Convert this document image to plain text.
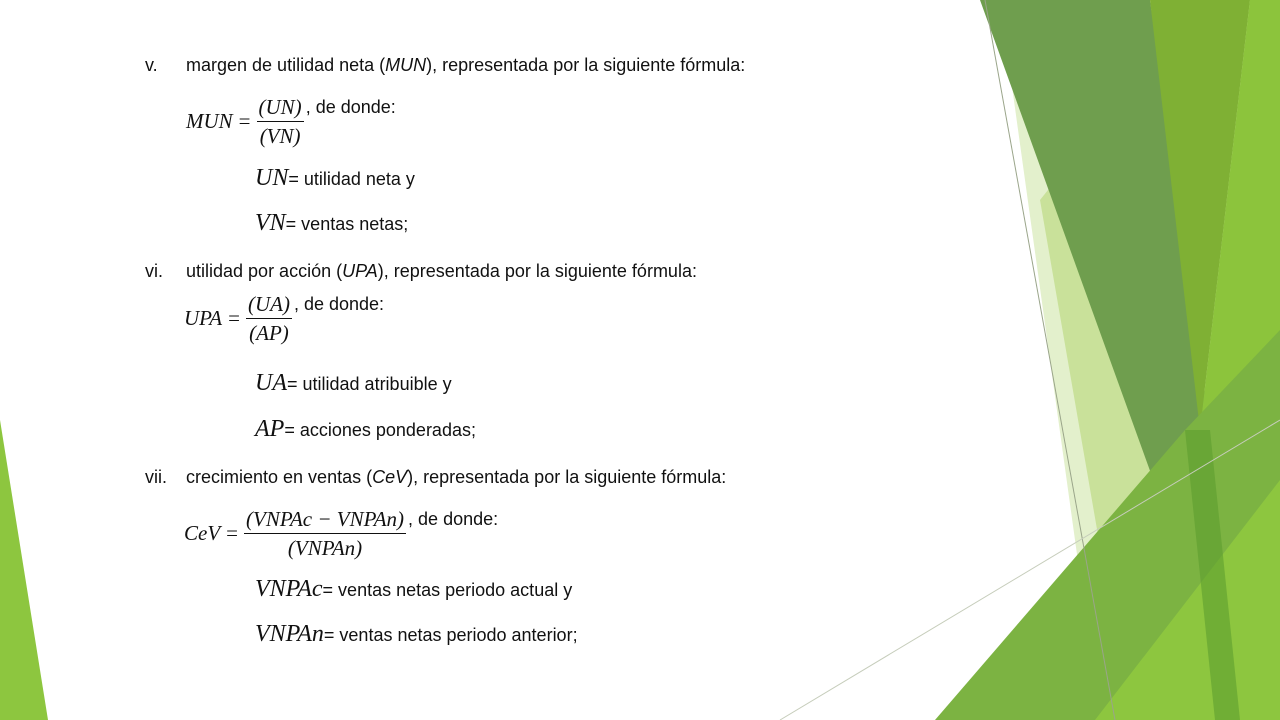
v. margen de utilidad neta (MUN), representada por la siguiente fórmula:
MUN = $\frac{(UN)}{(VN)}$ , de donde:
UN = utilidad neta y
VN = ventas netas;
vi. utilidad por acción (UPA), representada por la siguiente fórmula:
UPA = $\frac{(UA)}{(AP)}$ , de donde:
UA = utilidad atribuible y
AP = acciones ponderadas;
vii. crecimiento en ventas (CeV), representada por la siguiente fórmula:
CeV = $\frac{\text{(VNPAc − VNPAn)}}{\text{(VNPAn)}}$ , de donde:
VNPAc = ventas netas periodo actual y
VNPAn = ventas netas periodo anterior;
